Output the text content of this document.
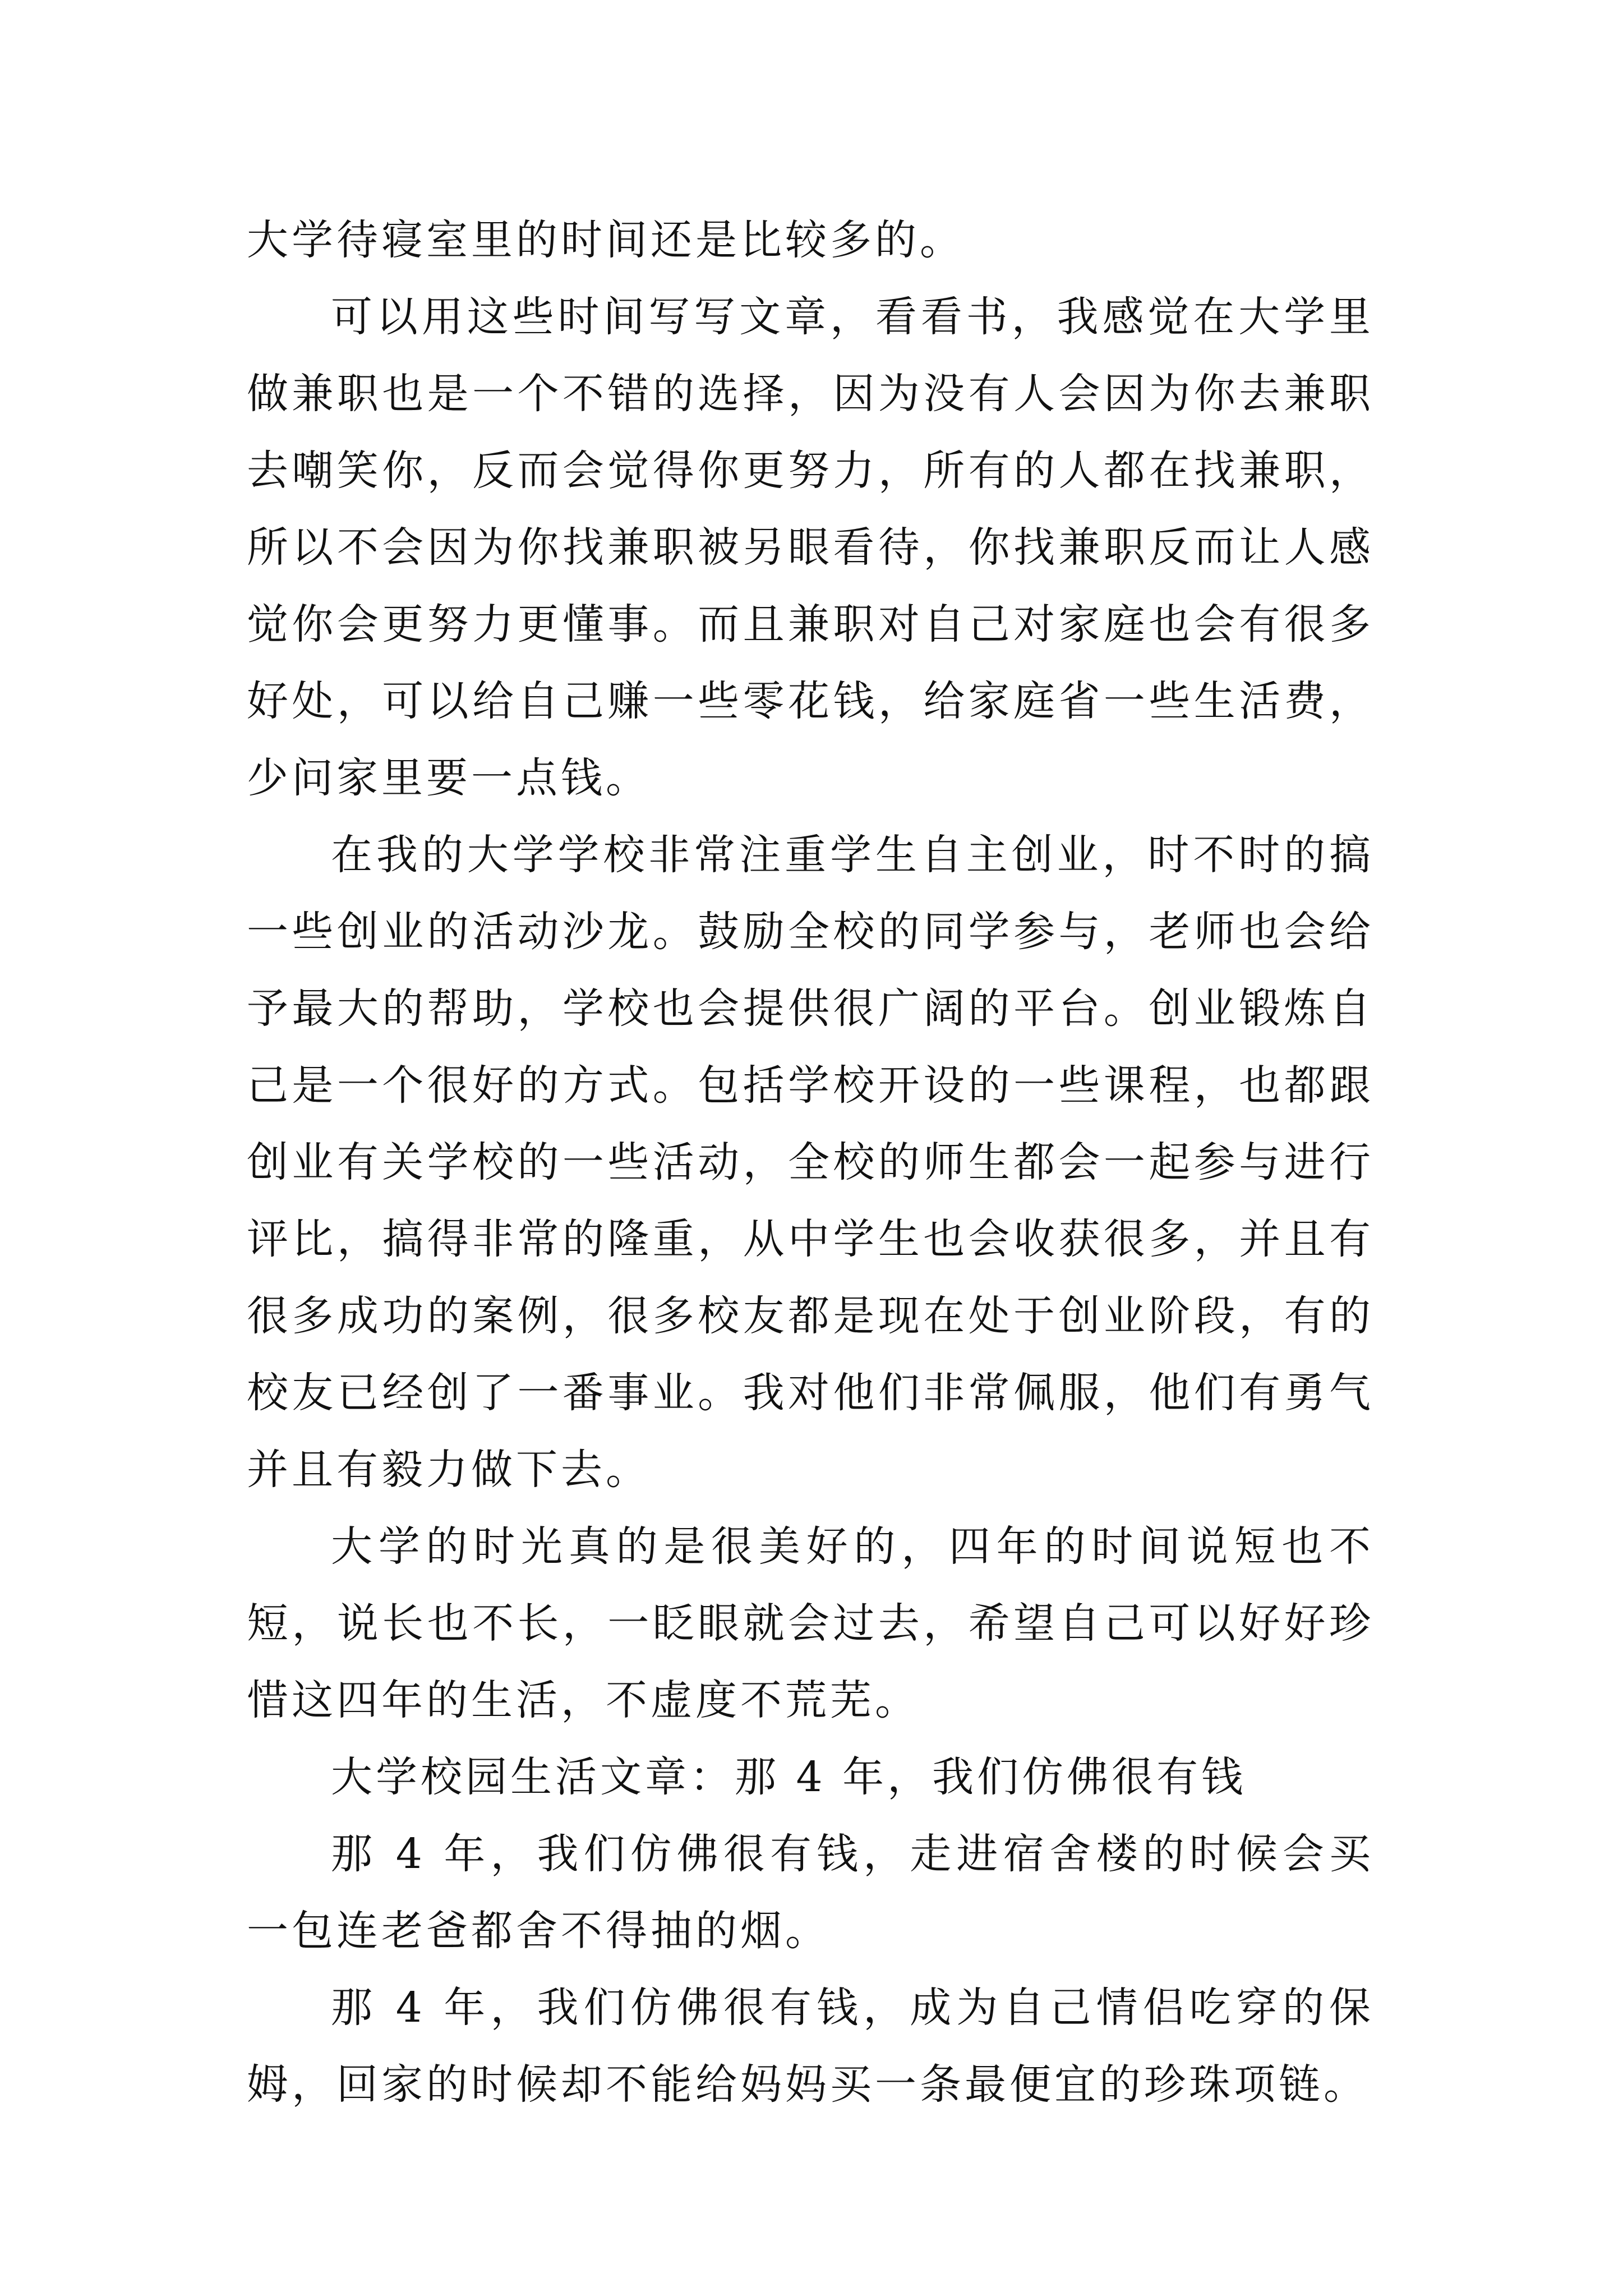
大学待寝室里的时间还是比较多的。

可以用这些时间写写文章，看看书，我感觉在大学里做兼职也是一个不错的选择，因为没有人会因为你去兼职去嘲笑你，反而会觉得你更努力，所有的人都在找兼职，所以不会因为你找兼职被另眼看待，你找兼职反而让人感觉你会更努力更懂事。而且兼职对自己对家庭也会有很多好处，可以给自己赚一些零花钱，给家庭省一些生活费，少问家里要一点钱。

在我的大学学校非常注重学生自主创业，时不时的搞一些创业的活动沙龙。鼓励全校的同学参与，老师也会给予最大的帮助，学校也会提供很广阔的平台。创业锻炼自己是一个很好的方式。包括学校开设的一些课程，也都跟创业有关学校的一些活动，全校的师生都会一起参与进行评比，搞得非常的隆重，从中学生也会收获很多，并且有很多成功的案例，很多校友都是现在处于创业阶段，有的校友已经创了一番事业。我对他们非常佩服，他们有勇气并且有毅力做下去。

大学的时光真的是很美好的，四年的时间说短也不短，说长也不长，一眨眼就会过去，希望自己可以好好珍惜这四年的生活，不虚度不荒芜。

大学校园生活文章：那 4 年，我们仿佛很有钱

那 4 年，我们仿佛很有钱，走进宿舍楼的时候会买一包连老爸都舍不得抽的烟。

那 4 年，我们仿佛很有钱，成为自己情侣吃穿的保姆，回家的时候却不能给妈妈买一条最便宜的珍珠项链。
